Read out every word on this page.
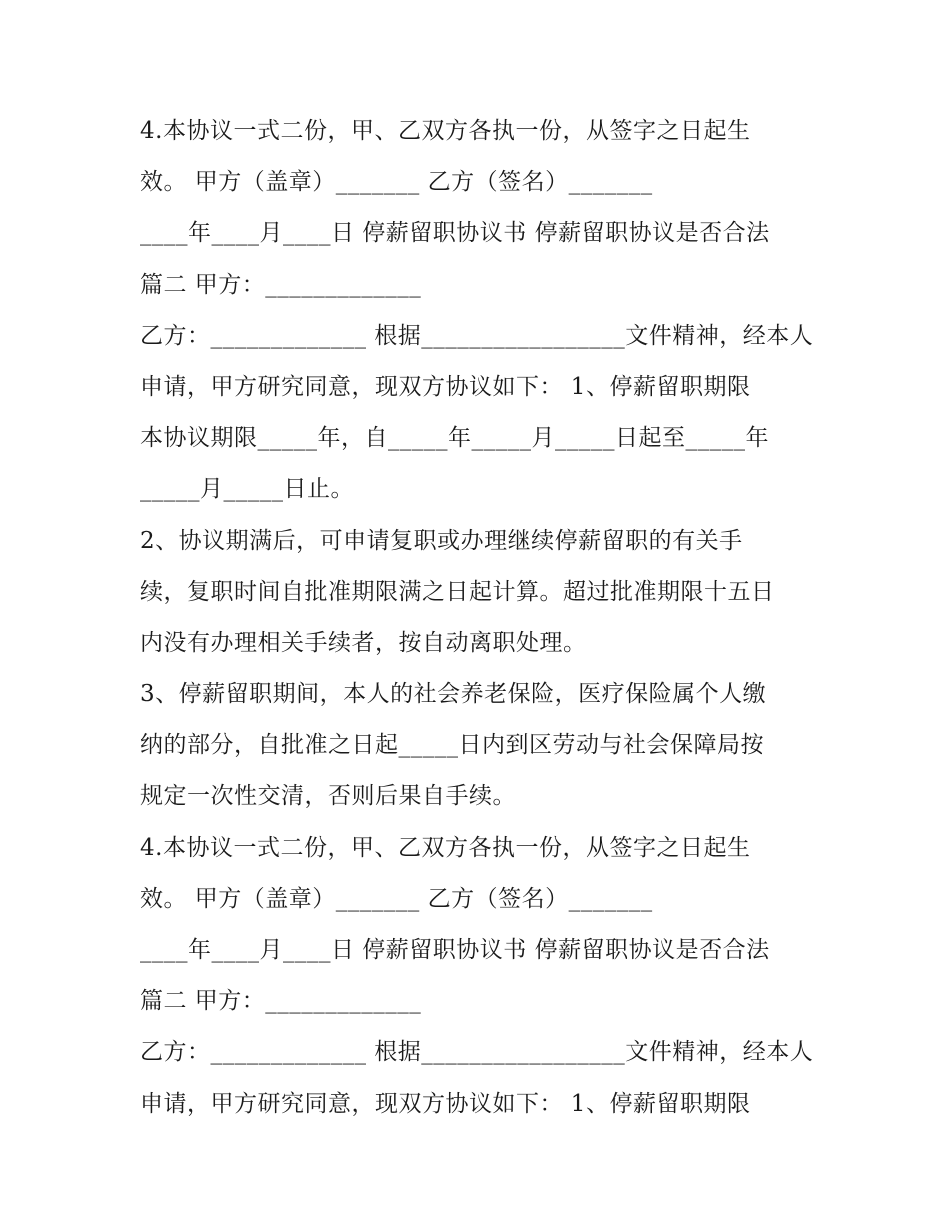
4.本协议一式二份，甲、乙双方各执一份，从签字之日起生
效。 甲方（盖章）_______ 乙方（签名）_______
____年____月____日 停薪留职协议书 停薪留职协议是否合法
篇二 甲方：_____________
乙方：_____________ 根据_________________文件精神，经本人
申请，甲方研究同意，现双方协议如下： 1、停薪留职期限
本协议期限_____年，自_____年_____月_____日起至_____年
_____月_____日止。
2、协议期满后，可申请复职或办理继续停薪留职的有关手
续，复职时间自批准期限满之日起计算。超过批准期限十五日
内没有办理相关手续者，按自动离职处理。
3、停薪留职期间，本人的社会养老保险，医疗保险属个人缴
纳的部分，自批准之日起_____日内到区劳动与社会保障局按
规定一次性交清，否则后果自手续。
4.本协议一式二份，甲、乙双方各执一份，从签字之日起生
效。 甲方（盖章）_______ 乙方（签名）_______
____年____月____日 停薪留职协议书 停薪留职协议是否合法
篇二 甲方：_____________
乙方：_____________ 根据_________________文件精神，经本人
申请，甲方研究同意，现双方协议如下： 1、停薪留职期限
